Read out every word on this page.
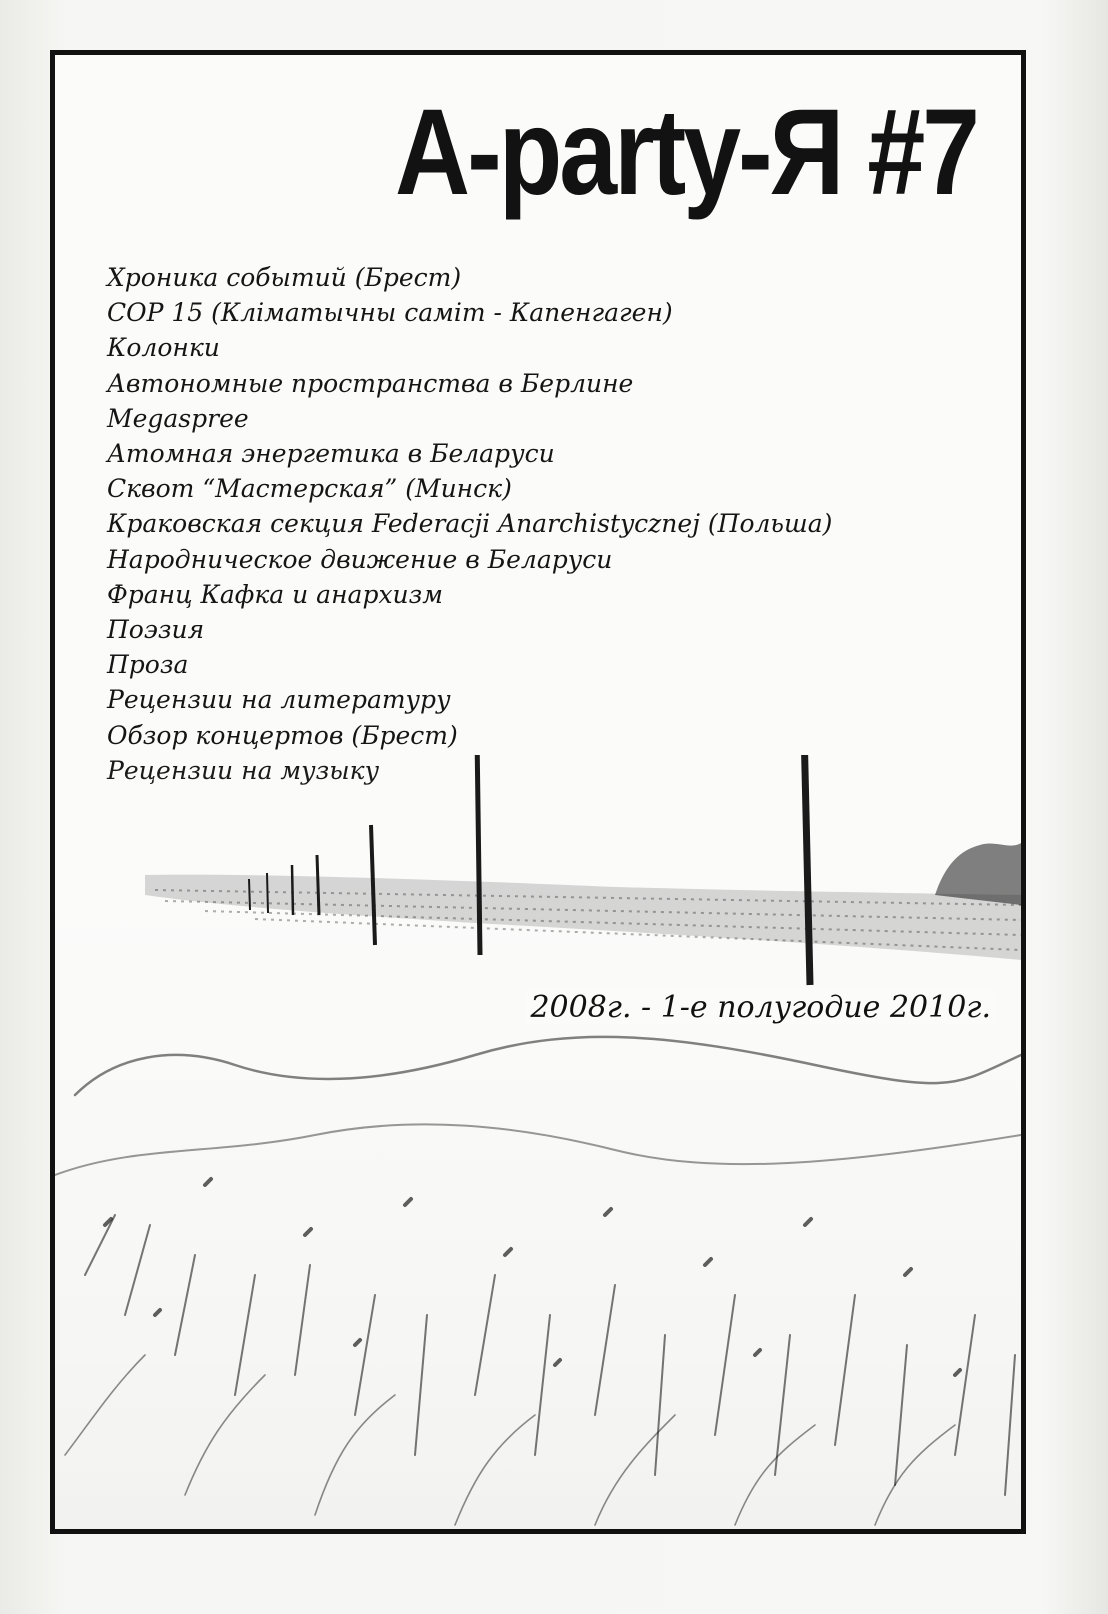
A-party-Я #7
Хроника событий (Брест)
COP 15 (Кліматычны саміт - Капенгаген)
Колонки
Автономные пространства в Берлине
Megaspree
Атомная энергетика в Беларуси
Сквот “Мастерская” (Минск)
Краковская секция Federacji Anarchistycznej (Польша)
Народническое движение в Беларуси
Франц Кафка и анархизм
Поэзия
Проза
Рецензии на литературу
Обзор концертов (Брест)
2008г. - 1-е полугодие 2010г.
